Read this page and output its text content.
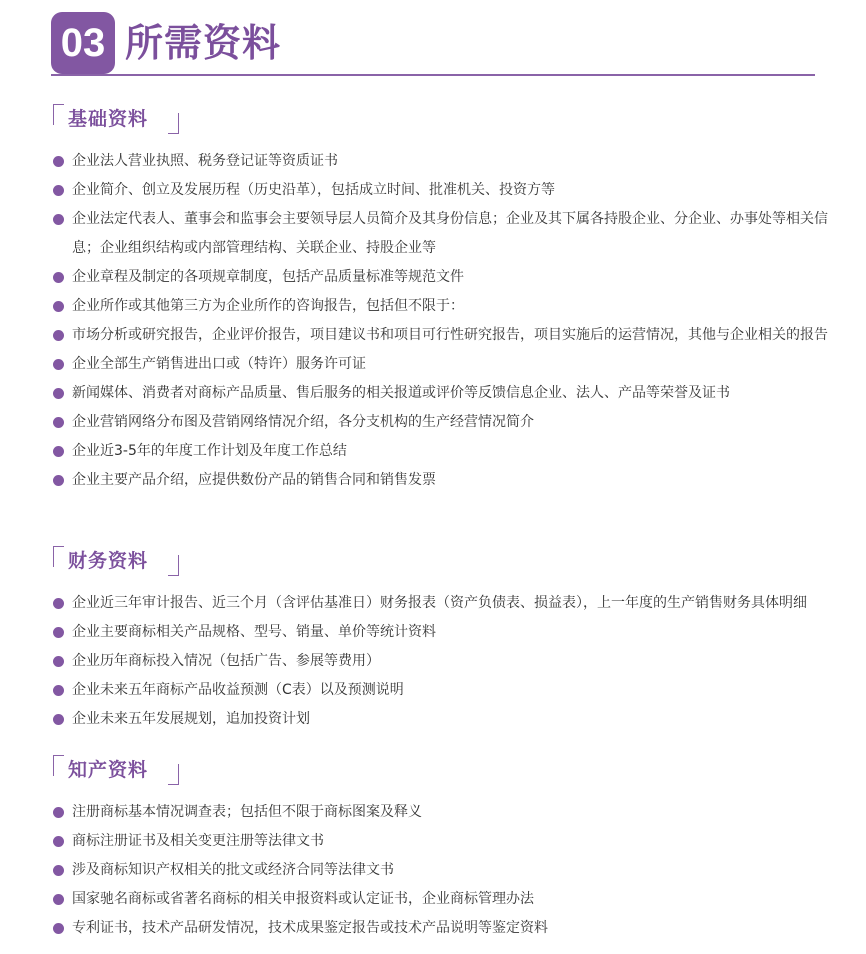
03 所需资料
基础资料
企业法人营业执照、税务登记证等资质证书
企业简介、创立及发展历程（历史沿革），包括成立时间、批准机关、投资方等
企业法定代表人、董事会和监事会主要领导层人员简介及其身份信息；企业及其下属各持股企业、分企业、办事处等相关信息；企业组织结构或内部管理结构、关联企业、持股企业等
企业章程及制定的各项规章制度，包括产品质量标准等规范文件
企业所作或其他第三方为企业所作的咨询报告，包括但不限于：
市场分析或研究报告，企业评价报告，项目建议书和项目可行性研究报告，项目实施后的运营情况，其他与企业相关的报告
企业全部生产销售进出口或（特许）服务许可证
新闻媒体、消费者对商标产品质量、售后服务的相关报道或评价等反馈信息企业、法人、产品等荣誉及证书
企业营销网络分布图及营销网络情况介绍，各分支机构的生产经营情况简介
企业近3-5年的年度工作计划及年度工作总结
企业主要产品介绍，应提供数份产品的销售合同和销售发票
财务资料
企业近三年审计报告、近三个月（含评估基准日）财务报表（资产负债表、损益表），上一年度的生产销售财务具体明细
企业主要商标相关产品规格、型号、销量、单价等统计资料
企业历年商标投入情况（包括广告、参展等费用）
企业未来五年商标产品收益预测（C表）以及预测说明
企业未来五年发展规划，追加投资计划
知产资料
注册商标基本情况调查表；包括但不限于商标图案及释义
商标注册证书及相关变更注册等法律文书
涉及商标知识产权相关的批文或经济合同等法律文书
国家驰名商标或省著名商标的相关申报资料或认定证书，企业商标管理办法
专利证书，技术产品研发情况，技术成果鉴定报告或技术产品说明等鉴定资料
